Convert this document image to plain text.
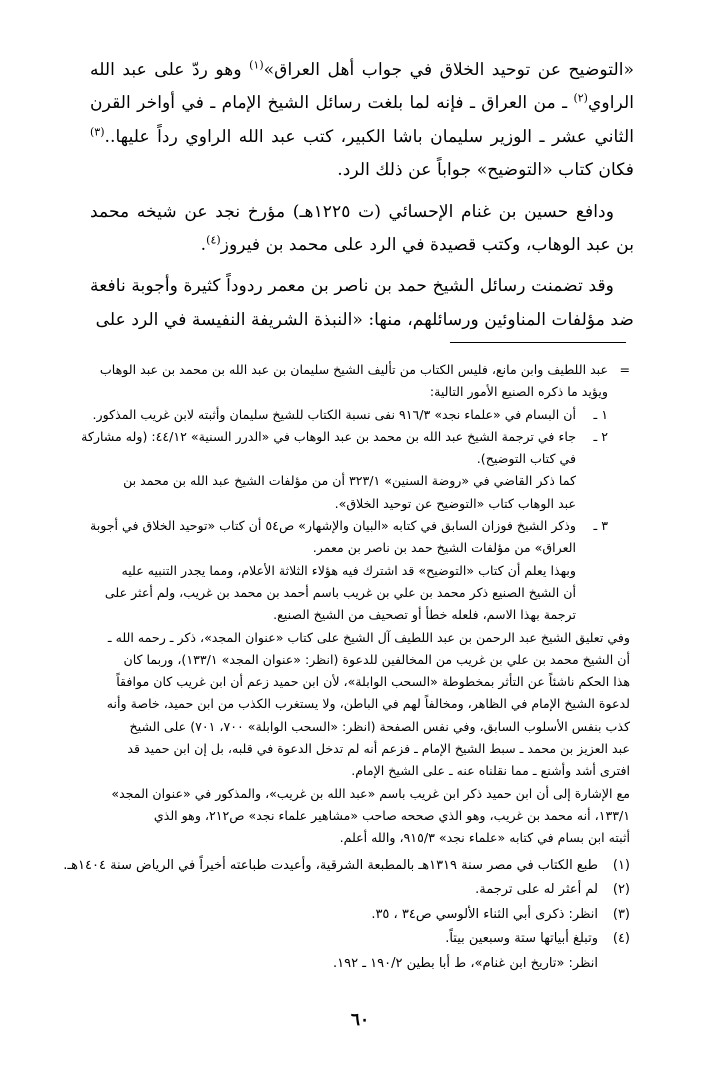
«التوضيح عن توحيد الخلاق في جواب أهل العراق»$^{(١)}$ وهو ردّ على عبد الله الراوي$^{(٢)}$ ـ من العراق ـ فإنه لما بلغت رسائل الشيخ الإمام ـ في أواخر القرن الثاني عشر ـ الوزير سليمان باشا الكبير، كتب عبد الله الراوي رداً عليها..$^{(٣)}$ فكان كتاب «التوضيح» جواباً عن ذلك الرد.

ودافع حسين بن غنام الإحسائي (ت ١٢٢٥هـ) مؤرخ نجد عن شيخه محمد بن عبد الوهاب، وكتب قصيدة في الرد على محمد بن فيروز$^{(٤)}$.

وقد تضمنت رسائل الشيخ حمد بن ناصر بن معمر ردوداً كثيرة وأجوبة نافعة ضد مؤلفات المناوئين ورسائلهم، منها: «النبذة الشريفة النفيسة في الرد على

=
عبد اللطيف وابن مانع، فليس الكتاب من تأليف الشيخ سليمان بن عبد الله بن محمد بن عبد الوهاب
ويؤيد ما ذكره الصنيع الأمور التالية:
١ ـ
أن البسام في «علماء نجد» ٩١٦/٣ نفى نسبة الكتاب للشيخ سليمان وأثبته لابن غريب المذكور.
٢ ـ
جاء في ترجمة الشيخ عبد الله بن محمد بن عبد الوهاب في «الدرر السنية» ٤٤/١٢: (وله مشاركة
في كتاب التوضيح).
كما ذكر القاضي في «روضة السنين» ٣٢٣/١ أن من مؤلفات الشيخ عبد الله بن محمد بن
عبد الوهاب كتاب «التوضيح عن توحيد الخلاق».
٣ ـ
وذكر الشيخ فوزان السابق في كتابه «البيان والإشهار» ص٥٤ أن كتاب «توحيد الخلاق في أجوبة
العراق» من مؤلفات الشيخ حمد بن ناصر بن معمر.
وبهذا يعلم أن كتاب «التوضيح» قد اشترك فيه هؤلاء الثلاثة الأعلام، ومما يجدر التنبيه عليه
أن الشيخ الصنيع ذكر محمد بن علي بن غريب باسم أحمد بن محمد بن غريب، ولم أعثر على
ترجمة بهذا الاسم، فلعله خطأ أو تصحيف من الشيخ الصنيع.
وفي تعليق الشيخ عبد الرحمن بن عبد اللطيف آل الشيخ على كتاب «عنوان المجد»، ذكر ـ رحمه الله ـ
أن الشيخ محمد بن علي بن غريب من المخالفين للدعوة (انظر: «عنوان المجد» ١٣٣/١)، وربما كان
هذا الحكم ناشئاً عن التأثر بمخطوطة «السحب الوابلة»، لأن ابن حميد زعم أن ابن غريب كان موافقاً
لدعوة الشيخ الإمام في الظاهر، ومخالفاً لهم في الباطن، ولا يستغرب الكذب من ابن حميد، خاصة وأنه
كذب بنفس الأسلوب السابق، وفي نفس الصفحة (انظر: «السحب الوابلة» ٧٠٠، ٧٠١) على الشيخ
عبد العزيز بن محمد ـ سبط الشيخ الإمام ـ فزعم أنه لم تدخل الدعوة في قلبه، بل إن ابن حميد قد
افترى أشد وأشنع ـ مما نقلناه عنه ـ على الشيخ الإمام.
مع الإشارة إلى أن ابن حميد ذكر ابن غريب باسم «عبد الله بن غريب»، والمذكور في «عنوان المجد»
١٣٣/١، أنه محمد بن غريب، وهو الذي صححه صاحب «مشاهير علماء نجد» ص٢١٢، وهو الذي
أثبته ابن بسام في كتابه «علماء نجد» ٩١٥/٣، والله أعلم.
(١)
طبع الكتاب في مصر سنة ١٣١٩هـ بالمطبعة الشرقية، وأعيدت طباعته أخيراً في الرياض سنة ١٤٠٤هـ.
(٢)
لم أعثر له على ترجمة.
(٣)
انظر: ذكرى أبي الثناء الألوسي ص٣٤ ، ٣٥.
(٤)
وتبلغ أبياتها ستة وسبعين بيتاً.
انظر: «تاريخ ابن غنام»، ط أبا بطين ١٩٠/٢ ـ ١٩٢.
٦٠
